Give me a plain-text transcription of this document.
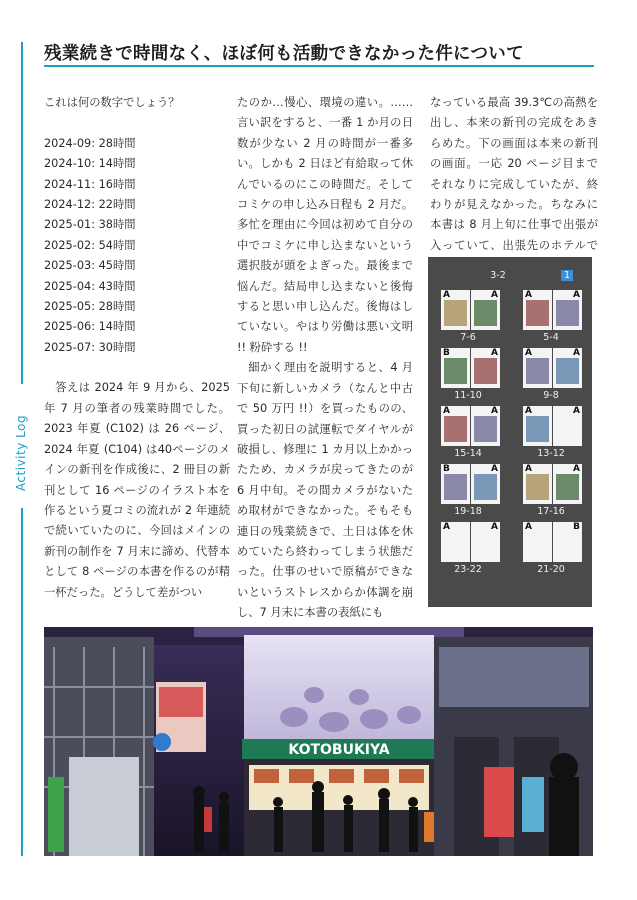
残業続きで時間なく、ほぼ何も活動できなかった件について
Activity Log

これは何の数字でしょう？

2024-09: 28時間
2024-10: 14時間
2024-11: 16時間
2024-12: 22時間
2025-01: 38時間
2025-02: 54時間
2025-03: 45時間
2025-04: 43時間
2025-05: 28時間
2025-06: 14時間
2025-07: 30時間

答えは 2024 年 9 月から、2025 年 7 月の筆者の残業時間でした。2023 年夏 (C102) は 26 ページ、2024 年夏 (C104) は40ページのメインの新刊を作成後に、2 冊目の新刊として 16 ページのイラスト本を作るという夏コミの流れが 2 年連続で続いていたのに、今回はメインの新刊の制作を 7 月末に諦め、代替本として 8 ページの本書を作るのが精一杯だった。どうして差がつい

たのか…慢心、環境の違い。……言い訳をすると、一番 1 か月の日数が少ない 2 月の時間が一番多い。しかも 2 日ほど有給取って休んでいるのにこの時間だ。そしてコミケの申し込み日程も 2 月だ。多忙を理由に今回は初めて自分の中でコミケに申し込まないという選択肢が頭をよぎった。最後まで悩んだ。結局申し込まないと後悔すると思い申し込んだ。後悔はしていない。やはり労働は悪い文明 !! 粉砕する !!

細かく理由を説明すると、4 月下旬に新しいカメラ（なんと中古で 50 万円 !!）を買ったものの、買った初日の試運転でダイヤルが破損し、修理に 1 カ月以上かかったため、カメラが戻ってきたのが 6 月中旬。その間カメラがないため取材ができなかった。そもそも連日の残業続きで、土日は体を休めていたら終わってしまう状態だった。仕事のせいで原稿ができないというストレスからか体調を崩し、7 月末に本書の表紙にも

なっている最高 39.3℃の高熱を出し、本来の新刊の完成をあきらめた。下の画面は本来の新刊の画面。一応 20 ページ目までそれなりに完成していたが、終わりが見えなかった。ちなみに本書は 8 月上旬に仕事で出張が入っていて、出張先のホテルで

3-2	1
A	A	A	A
7-6	5-4
B	A	A	A
11-10	9-8
A	A	A	A
15-14	13-12
B	A	A	A
19-18	17-16
A	A	A	B
23-22	21-20
KOTOBUKIYA
